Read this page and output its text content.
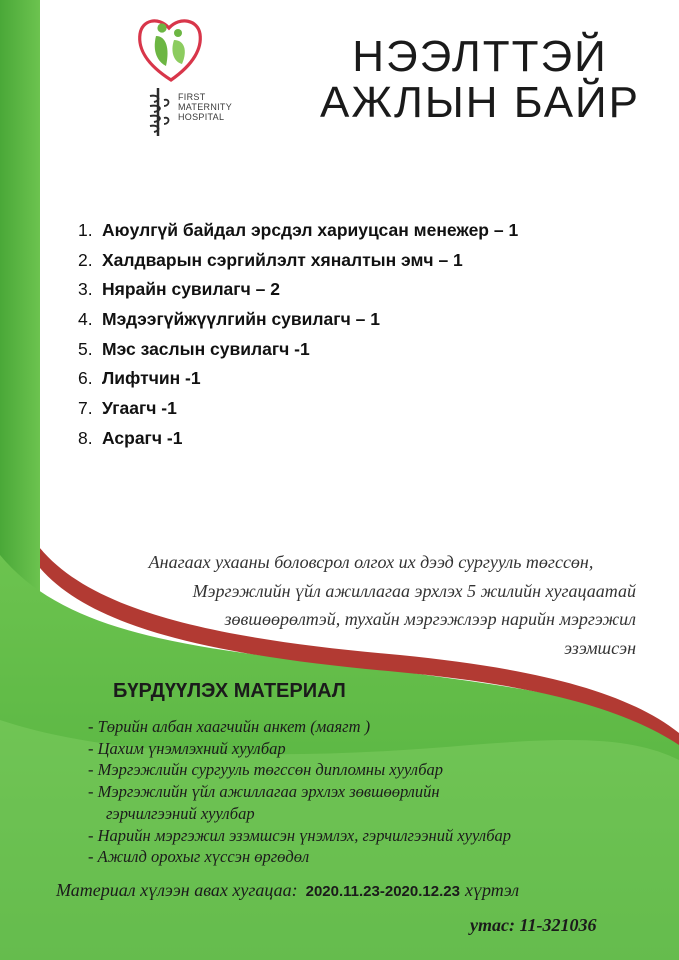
FIRST
MATERNITY
HOSPITAL
НЭЭЛТТЭЙ
АЖЛЫН БАЙР
1. Аюулгүй байдал эрсдэл хариуцсан менежер – 1
2. Халдварын сэргийлэлт хяналтын эмч – 1
3. Нярайн сувилагч – 2
4. Мэдээгүйжүүлгийн сувилагч – 1
5. Мэс заслын сувилагч -1
6. Лифтчин -1
7. Угаагч -1
8. Асрагч -1
Анагаах ухааны боловсрол олгох их дээд сургууль төгссөн,
Мэргэжлийн үйл ажиллагаа эрхлэх 5 жилийн хугацаатай
зөвшөөрөлтэй, тухайн мэргэжлээр нарийн мэргэжил
эзэмшсэн
БҮРДҮҮЛЭХ МАТЕРИАЛ
- Төрийн албан хаагчийн анкет (маягт )
- Цахим үнэмлэхний хуулбар
- Мэргэжлийн сургууль төгссөн дипломны хуулбар
- Мэргэжлийн үйл ажиллагаа эрхлэх зөвшөөрлийн
гэрчилгээний хуулбар
- Нарийн мэргэжил эзэмшсэн үнэмлэх, гэрчилгээний хуулбар
- Ажилд орохыг хүссэн өргөдөл
Материал хүлээн авах хугацаа: 2020.11.23-2020.12.23 хүртэл
утас: 11-321036
